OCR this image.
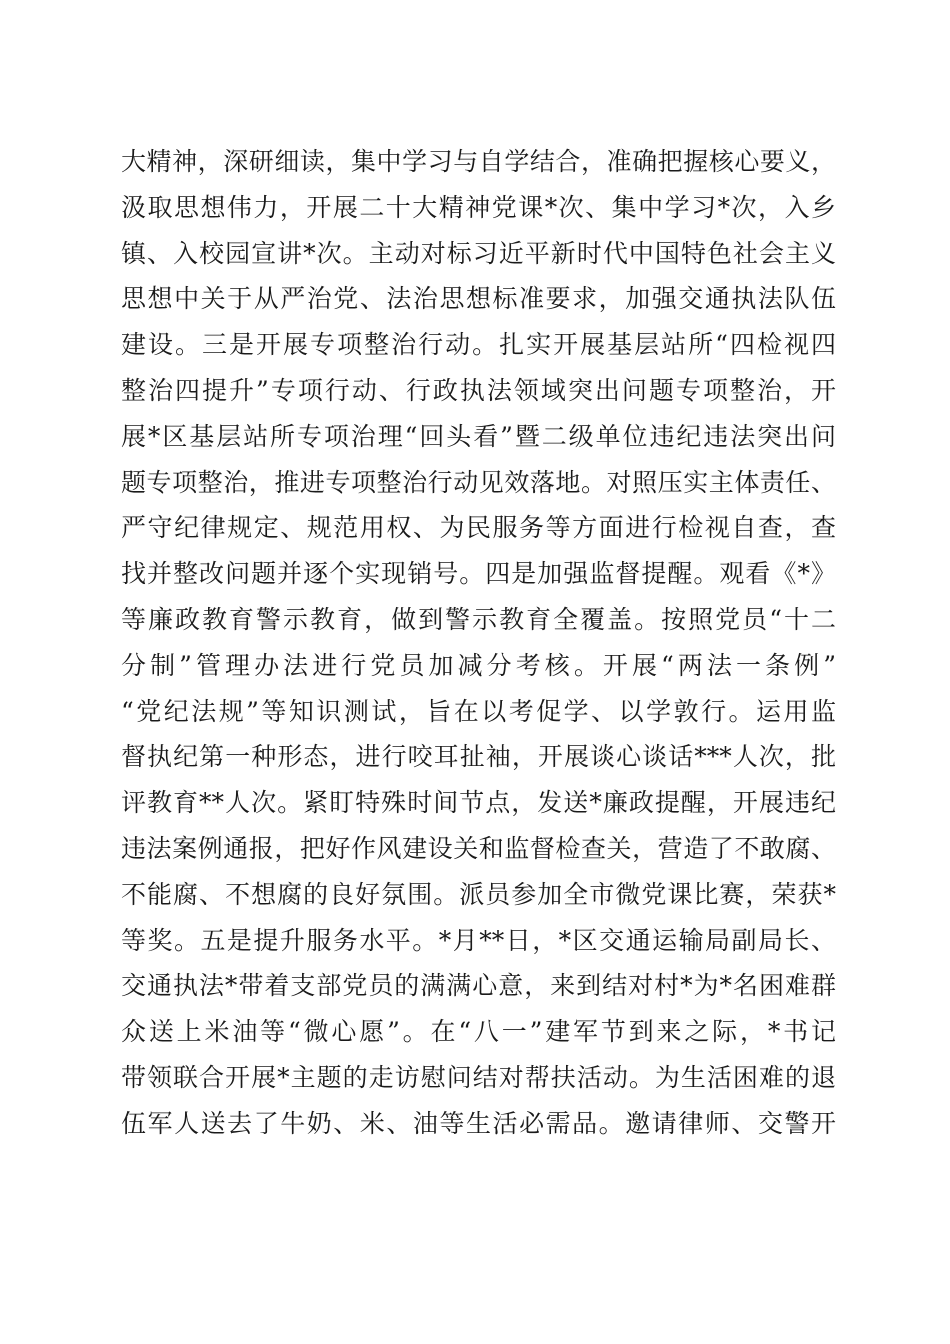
大精神，深研细读，集中学习与自学结合，准确把握核心要义，
汲取思想伟力，开展二十大精神党课*次、集中学习*次，入乡
镇、入校园宣讲*次。主动对标习近平新时代中国特色社会主义
思想中关于从严治党、法治思想标准要求，加强交通执法队伍
建设。三是开展专项整治行动。扎实开展基层站所“四检视四
整治四提升”专项行动、行政执法领域突出问题专项整治，开
展*区基层站所专项治理“回头看”暨二级单位违纪违法突出问
题专项整治，推进专项整治行动见效落地。对照压实主体责任、
严守纪律规定、规范用权、为民服务等方面进行检视自查，查
找并整改问题并逐个实现销号。四是加强监督提醒。观看《*》
等廉政教育警示教育，做到警示教育全覆盖。按照党员“十二
分制”管理办法进行党员加减分考核。开展“两法一条例”
“党纪法规”等知识测试，旨在以考促学、以学敦行。运用监
督执纪第一种形态，进行咬耳扯袖，开展谈心谈话***人次，批
评教育**人次。紧盯特殊时间节点，发送*廉政提醒，开展违纪
违法案例通报，把好作风建设关和监督检查关，营造了不敢腐、
不能腐、不想腐的良好氛围。派员参加全市微党课比赛，荣获*
等奖。五是提升服务水平。*月**日，*区交通运输局副局长、
交通执法*带着支部党员的满满心意，来到结对村*为*名困难群
众送上米油等“微心愿”。在“八一”建军节到来之际，*书记
带领联合开展*主题的走访慰问结对帮扶活动。为生活困难的退
伍军人送去了牛奶、米、油等生活必需品。邀请律师、交警开
